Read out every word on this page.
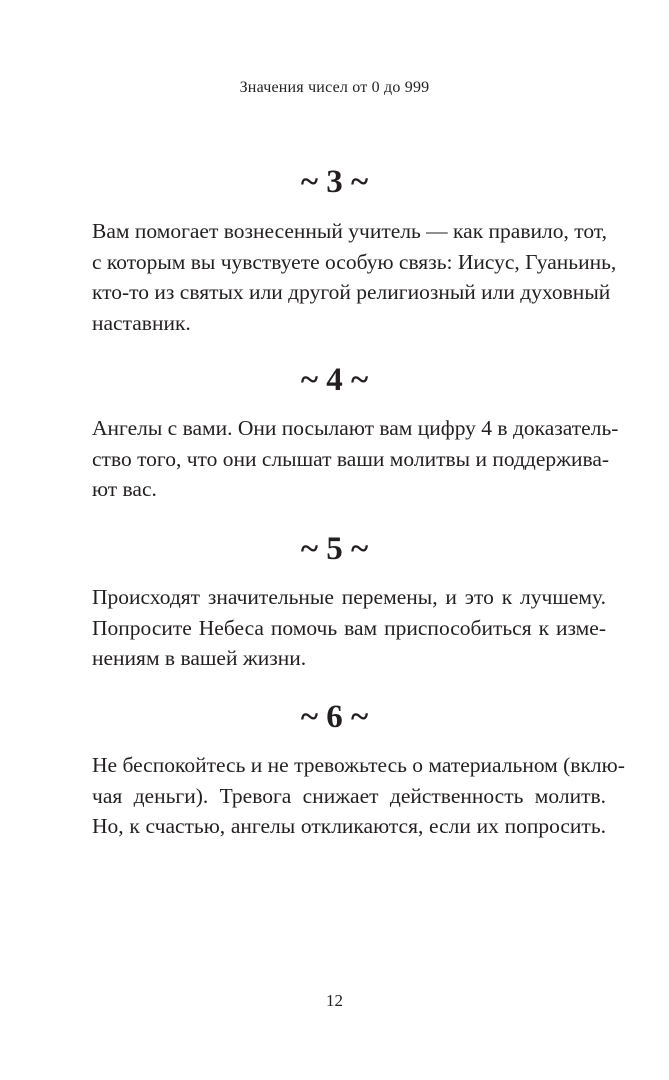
Значения чисел от 0 до 999
~ 3 ~

Вам помогает вознесенный учитель — как правило, тот,
с которым вы чувствуете особую связь: Иисус, Гуаньинь,
кто-то из святых или другой религиозный или духовный
наставник.

~ 4 ~

Ангелы с вами. Они посылают вам цифру 4 в доказатель-
ство того, что они слышат ваши молитвы и поддержива-
ют вас.

~ 5 ~

Происходят значительные перемены, и это к лучшему.
Попросите Небеса помочь вам приспособиться к изме-
нениям в вашей жизни.

~ 6 ~

Не беспокойтесь и не тревожьтесь о материальном (вклю-
чая деньги). Тревога снижает действенность молитв.
Но, к счастью, ангелы откликаются, если их попросить.

12
